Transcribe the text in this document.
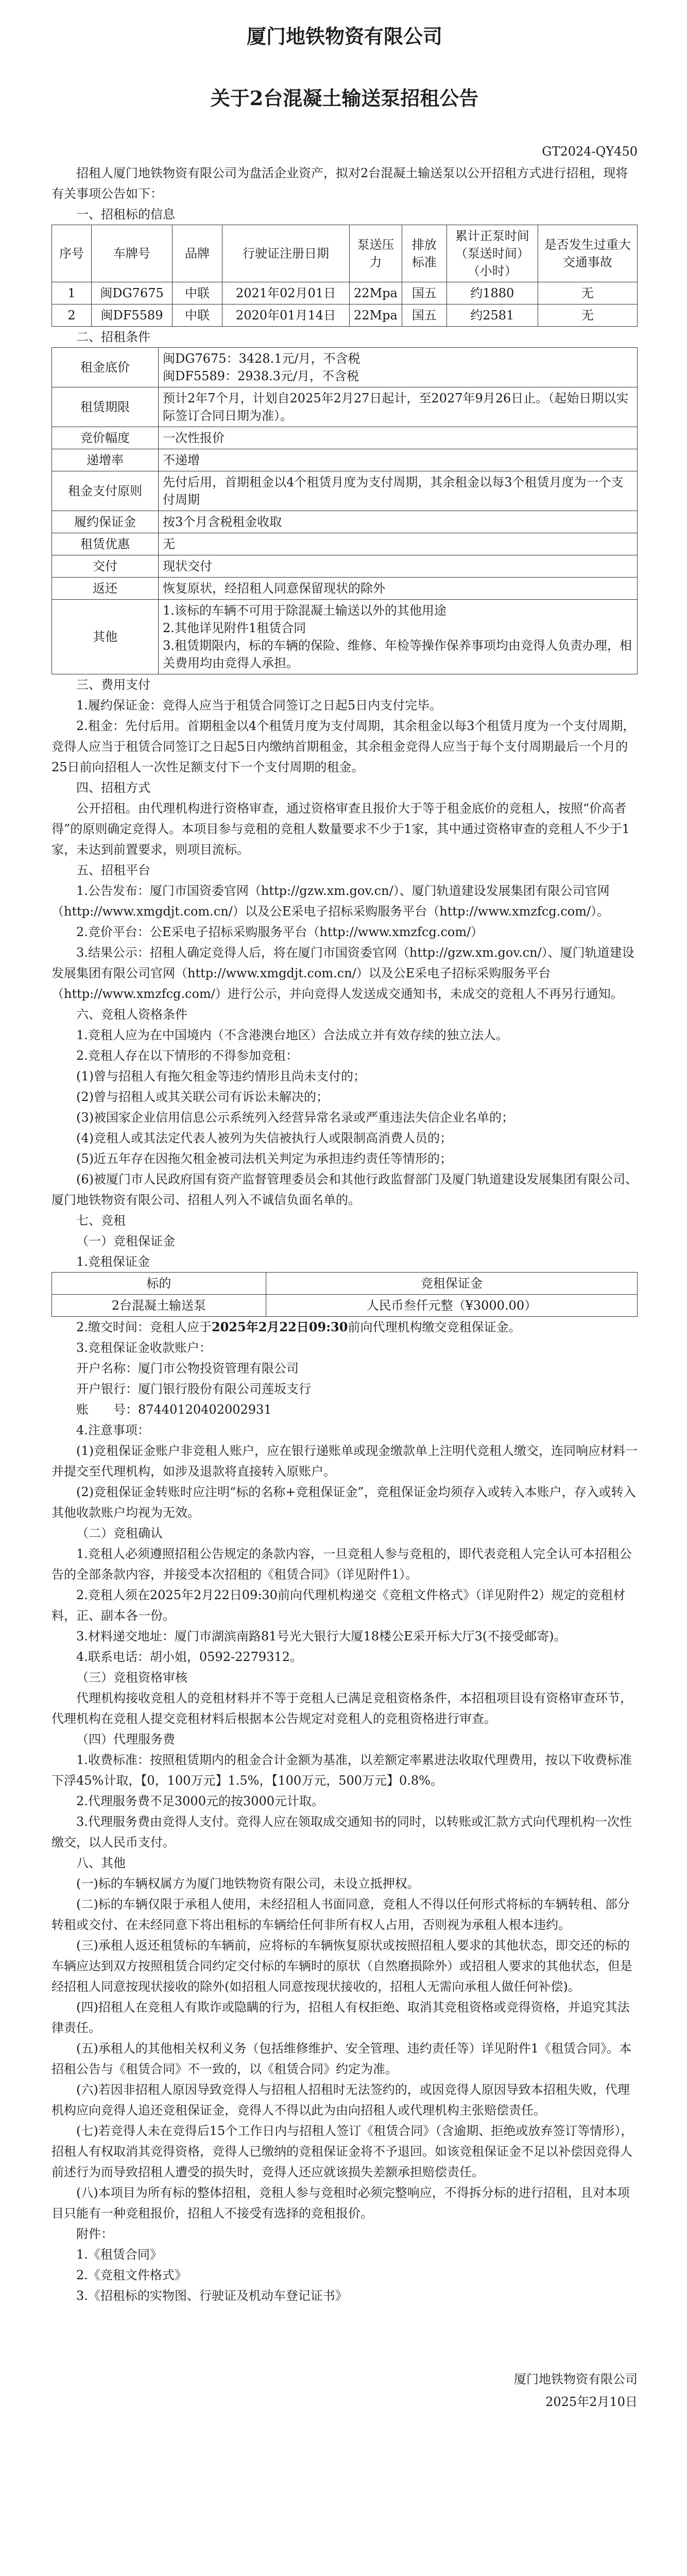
厦门地铁物资有限公司
关于2台混凝土输送泵招租公告
GT2024-QY450

招租人厦门地铁物资有限公司为盘活企业资产，拟对2台混凝土输送泵以公开招租方式进行招租，现将有关事项公告如下：

一、招租标的信息
序号	车牌号	品牌	行驶证注册日期	泵送压力	排放标准	累计正泵时间（泵送时间）（小时）	是否发生过重大交通事故
1	闽DG7675	中联	2021年02月01日	22Mpa	国五	约1880	无
2	闽DF5589	中联	2020年01月14日	22Mpa	国五	约2581	无
二、招租条件
租金底价	闽DG7675：3428.1元/月，不含税
闽DF5589：2938.3元/月，不含税

租赁期限	预计2年7个月，计划自2025年2月27日起计，至2027年9月26日止。（起始日期以实际签订合同日期为准）。
竞价幅度	一次性报价
递增率	不递增
租金支付原则	先付后用，首期租金以4个租赁月度为支付周期，其余租金以每3个租赁月度为一个支付周期
履约保证金	按3个月含税租金收取
租赁优惠	无
交付	现状交付
返还	恢复原状，经招租人同意保留现状的除外
其他	1.该标的车辆不可用于除混凝土输送以外的其他用途
2.其他详见附件1租赁合同
3.租赁期限内，标的车辆的保险、维修、年检等操作保养事项均由竞得人负责办理，相关费用均由竞得人承担。
三、费用支付

1.履约保证金：竞得人应当于租赁合同签订之日起5日内支付完毕。

2.租金：先付后用。首期租金以4个租赁月度为支付周期，其余租金以每3个租赁月度为一个支付周期，竞得人应当于租赁合同签订之日起5日内缴纳首期租金，其余租金竞得人应当于每个支付周期最后一个月的25日前向招租人一次性足额支付下一个支付周期的租金。

四、招租方式

公开招租。由代理机构进行资格审查，通过资格审查且报价大于等于租金底价的竞租人，按照“价高者得”的原则确定竞得人。本项目参与竞租的竞租人数量要求不少于1家，其中通过资格审查的竞租人不少于1家，未达到前置要求，则项目流标。

五、招租平台

1.公告发布：厦门市国资委官网（http://gzw.xm.gov.cn/）、厦门轨道建设发展集团有限公司官网（http://www.xmgdjt.com.cn/）以及公E采电子招标采购服务平台（http://www.xmzfcg.com/）。

2.竞价平台：公E采电子招标采购服务平台（http://www.xmzfcg.com/）

3.结果公示：招租人确定竞得人后，将在厦门市国资委官网（http://gzw.xm.gov.cn/）、厦门轨道建设发展集团有限公司官网（http://www.xmgdjt.com.cn/）以及公E采电子招标采购服务平台（http://www.xmzfcg.com/）进行公示，并向竞得人发送成交通知书，未成交的竞租人不再另行通知。

六、竞租人资格条件

1.竞租人应为在中国境内（不含港澳台地区）合法成立并有效存续的独立法人。

2.竞租人存在以下情形的不得参加竞租：

(1)曾与招租人有拖欠租金等违约情形且尚未支付的；

(2)曾与招租人或其关联公司有诉讼未解决的；

(3)被国家企业信用信息公示系统列入经营异常名录或严重违法失信企业名单的；

(4)竞租人或其法定代表人被列为失信被执行人或限制高消费人员的；

(5)近五年存在因拖欠租金被司法机关判定为承担违约责任等情形的；

(6)被厦门市人民政府国有资产监督管理委员会和其他行政监督部门及厦门轨道建设发展集团有限公司、厦门地铁物资有限公司、招租人列入不诚信负面名单的。

七、竞租
（一）竞租保证金
1.竞租保证金
标的	竞租保证金
2台混凝土输送泵	人民币叁仟元整（¥3000.00）

2.缴交时间：竞租人应于2025年2月22日09:30前向代理机构缴交竞租保证金。

3.竞租保证金收款账户：

开户名称：厦门市公物投资管理有限公司

开户银行：厦门银行股份有限公司莲坂支行

账　　号：87440120402002931

4.注意事项：

(1)竞租保证金账户非竞租人账户，应在银行递账单或现金缴款单上注明代竞租人缴交，连同响应材料一并提交至代理机构，如涉及退款将直接转入原账户。

(2)竞租保证金转账时应注明“标的名称+竞租保证金”，竞租保证金均须存入或转入本账户，存入或转入其他收款账户均视为无效。

（二）竞租确认

1.竞租人必须遵照招租公告规定的条款内容，一旦竞租人参与竞租的，即代表竞租人完全认可本招租公告的全部条款内容，并接受本次招租的《租赁合同》（详见附件1）。

2.竞租人须在2025年2月22日09:30前向代理机构递交《竞租文件格式》（详见附件2）规定的竞租材料，正、副本各一份。

3.材料递交地址：厦门市湖滨南路81号光大银行大厦18楼公E采开标大厅3(不接受邮寄)。

4.联系电话：胡小姐，0592-2279312。

（三）竞租资格审核

代理机构接收竞租人的竞租材料并不等于竞租人已满足竞租资格条件，本招租项目设有资格审查环节，代理机构在竞租人提交竞租材料后根据本公告规定对竞租人的竞租资格进行审查。

（四）代理服务费

1.收费标准：按照租赁期内的租金合计金额为基准，以差额定率累进法收取代理费用，按以下收费标准下浮45%计取，【0，100万元】1.5%，【100万元，500万元】0.8%。

2.代理服务费不足3000元的按3000元计取。

3.代理服务费由竞得人支付。竞得人应在领取成交通知书的同时，以转账或汇款方式向代理机构一次性缴交，以人民币支付。

八、其他

(一)标的车辆权属方为厦门地铁物资有限公司，未设立抵押权。

(二)标的车辆仅限于承租人使用，未经招租人书面同意，竞租人不得以任何形式将标的车辆转租、部分转租或交付、在未经同意下将出租标的车辆给任何非所有权人占用，否则视为承租人根本违约。

(三)承租人返还租赁标的车辆前，应将标的车辆恢复原状或按照招租人要求的其他状态，即交还的标的车辆应达到双方按照租赁合同约定交付标的车辆时的原状（自然磨损除外）或招租人要求的其他状态，但是经招租人同意按现状接收的除外(如招租人同意按现状接收的，招租人无需向承租人做任何补偿)。

(四)招租人在竞租人有欺诈或隐瞒的行为，招租人有权拒绝、取消其竞租资格或竞得资格，并追究其法律责任。

(五)承租人的其他相关权利义务（包括维修维护、安全管理、违约责任等）详见附件1《租赁合同》。本招租公告与《租赁合同》不一致的，以《租赁合同》约定为准。

(六)若因非招租人原因导致竞得人与招租人招租时无法签约的，或因竞得人原因导致本招租失败，代理机构应向竞得人追还竞租保证金，竞得人不得以此为由向招租人或代理机构主张赔偿责任。

(七)若竞得人未在竞得后15个工作日内与招租人签订《租赁合同》（含逾期、拒绝或放弃签订等情形），招租人有权取消其竞得资格，竞得人已缴纳的竞租保证金将不予退回。如该竞租保证金不足以补偿因竞得人前述行为而导致招租人遭受的损失时，竞得人还应就该损失差额承担赔偿责任。

(八)本项目为所有标的整体招租，竞租人参与竞租时必须完整响应，不得拆分标的进行招租，且对本项目只能有一种竞租报价，招租人不接受有选择的竞租报价。

附件：

1.《租赁合同》

2.《竞租文件格式》

3.《招租标的实物图、行驶证及机动车登记证书》

厦门地铁物资有限公司
2025年2月10日
